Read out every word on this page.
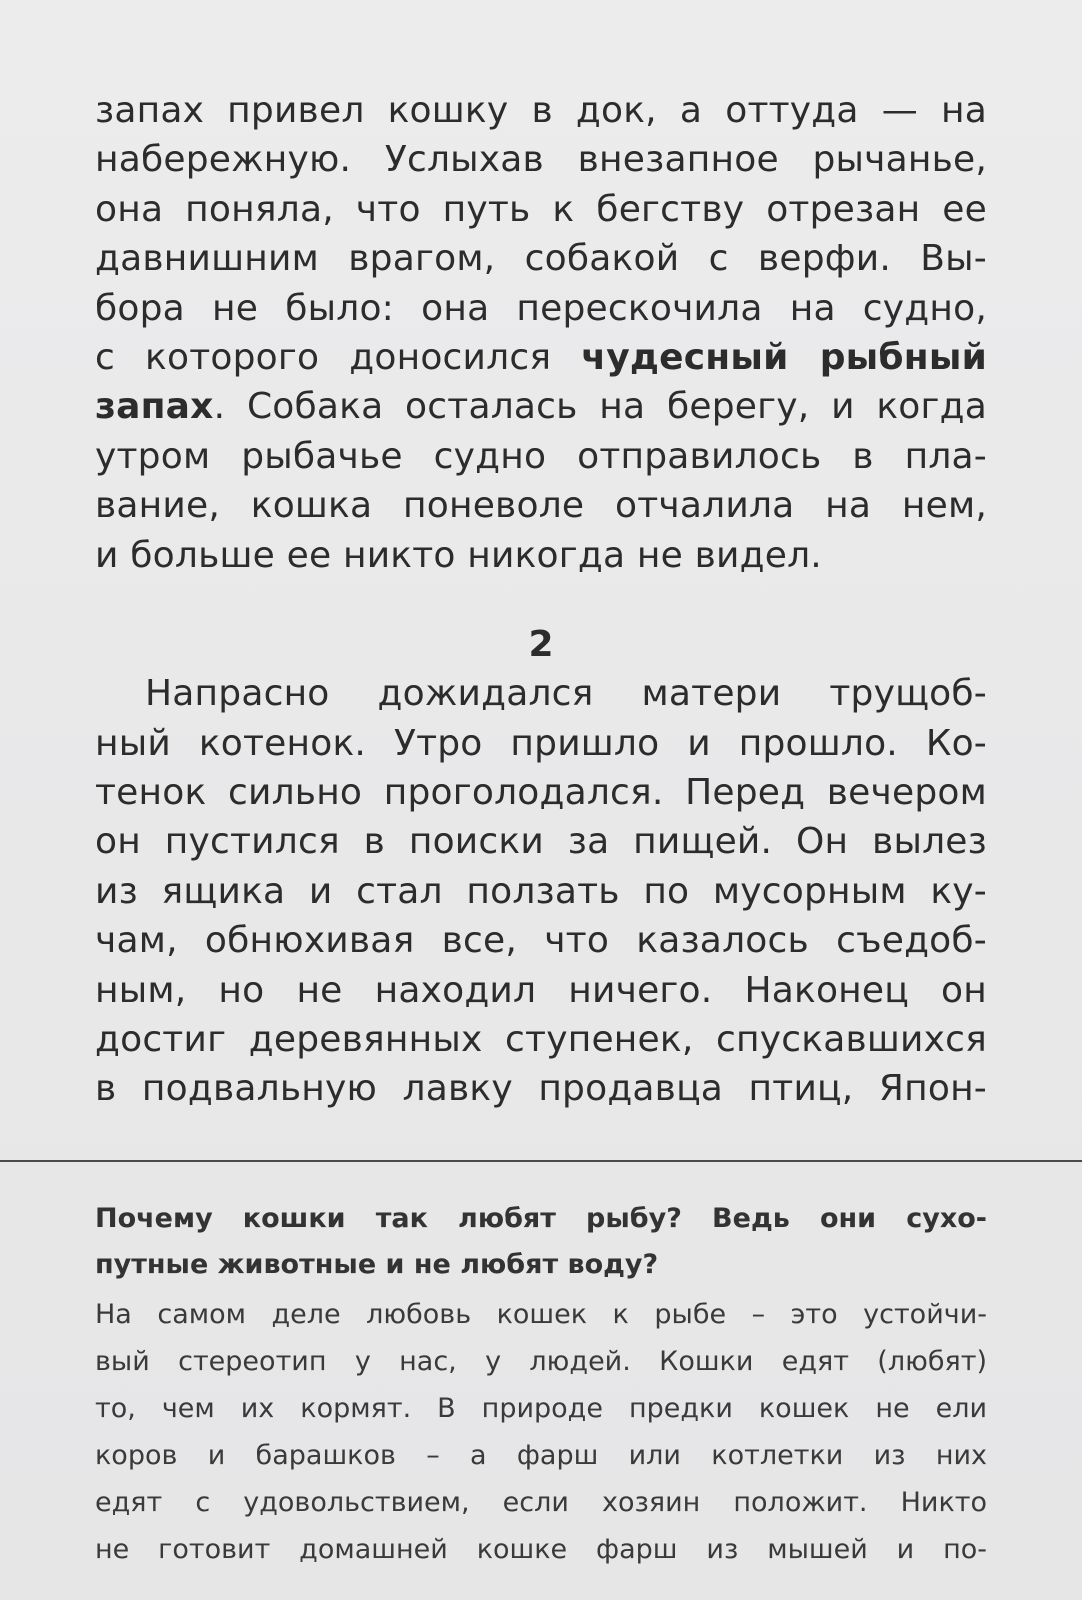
запах привел кошку в док, а оттуда — на
набережную. Услыхав внезапное рычанье,
она поняла, что путь к бегству отрезан ее
давнишним врагом, собакой с верфи. Вы-
бора не было: она перескочила на судно,
с которого доносился чудесный рыбный
запах. Собака осталась на берегу, и когда
утром рыбачье судно отправилось в пла-
вание, кошка поневоле отчалила на нем,
и больше ее никто никогда не видел.
2
Напрасно дожидался матери трущоб-
ный котенок. Утро пришло и прошло. Ко-
тенок сильно проголодался. Перед вечером
он пустился в поиски за пищей. Он вылез
из ящика и стал ползать по мусорным ку-
чам, обнюхивая все, что казалось съедоб-
ным, но не находил ничего. Наконец он
достиг деревянных ступенек, спускавшихся
в подвальную лавку продавца птиц, Япон-
Почему кошки так любят рыбу? Ведь они сухо-
путные животные и не любят воду?
На самом деле любовь кошек к рыбе – это устойчи-
вый стереотип у нас, у людей. Кошки едят (любят)
то, чем их кормят. В природе предки кошек не ели
коров и барашков – а фарш или котлетки из них
едят с удовольствием, если хозяин положит. Никто
не готовит домашней кошке фарш из мышей и по-
